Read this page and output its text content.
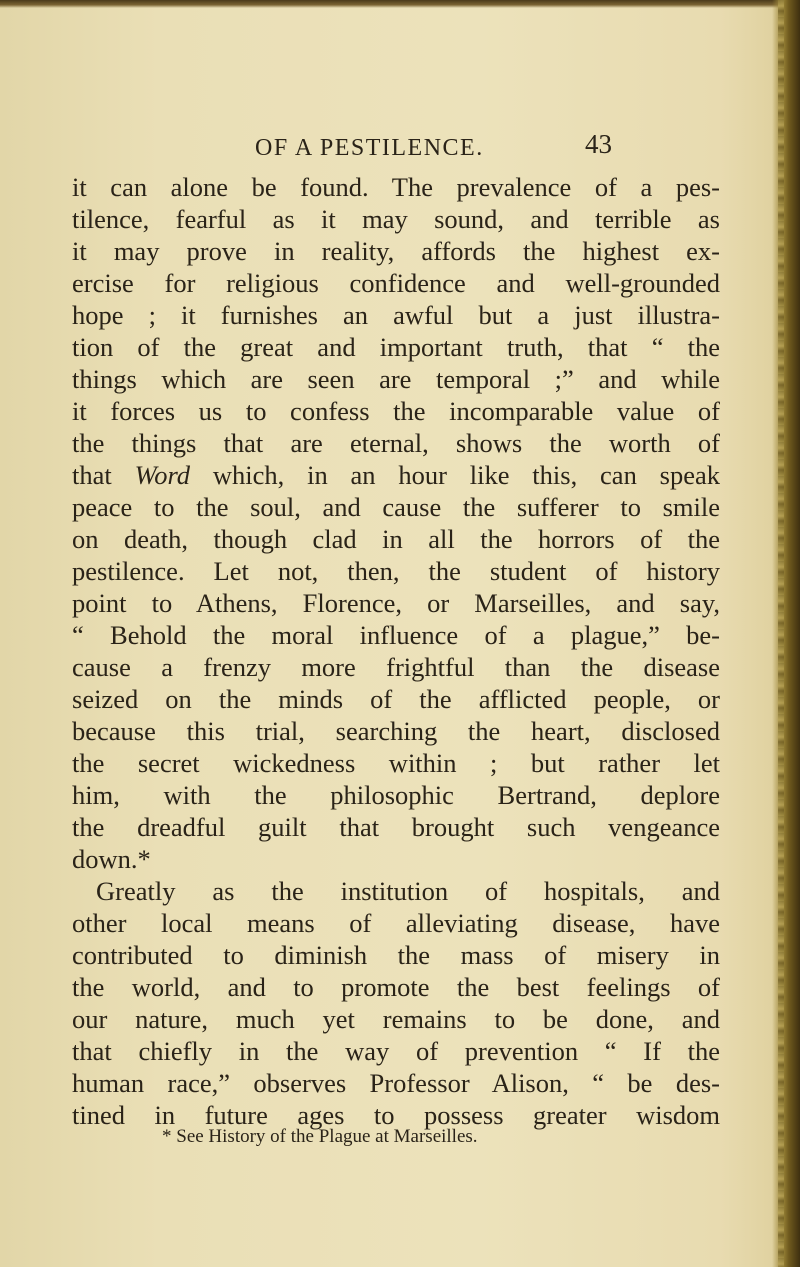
OF A PESTILENCE.	43
it can alone be found. The prevalence of a pes-
tilence, fearful as it may sound, and terrible as
it may prove in reality, affords the highest ex-
ercise for religious confidence and well-grounded
hope ; it furnishes an awful but a just illustra-
tion of the great and important truth, that “ the
things which are seen are temporal ;” and while
it forces us to confess the incomparable value of
the things that are eternal, shows the worth of
that Word which, in an hour like this, can speak
peace to the soul, and cause the sufferer to smile
on death, though clad in all the horrors of the
pestilence. Let not, then, the student of history
point to Athens, Florence, or Marseilles, and say,
“ Behold the moral influence of a plague,” be-
cause a frenzy more frightful than the disease
seized on the minds of the afflicted people, or
because this trial, searching the heart, disclosed
the secret wickedness within ; but rather let
him, with the philosophic Bertrand, deplore
the dreadful guilt that brought such vengeance
down.*
Greatly as the institution of hospitals, and
other local means of alleviating disease, have
contributed to diminish the mass of misery in
the world, and to promote the best feelings of
our nature, much yet remains to be done, and
that chiefly in the way of prevention “ If the
human race,” observes Professor Alison, “ be des-
tined in future ages to possess greater wisdom
* See History of the Plague at Marseilles.
